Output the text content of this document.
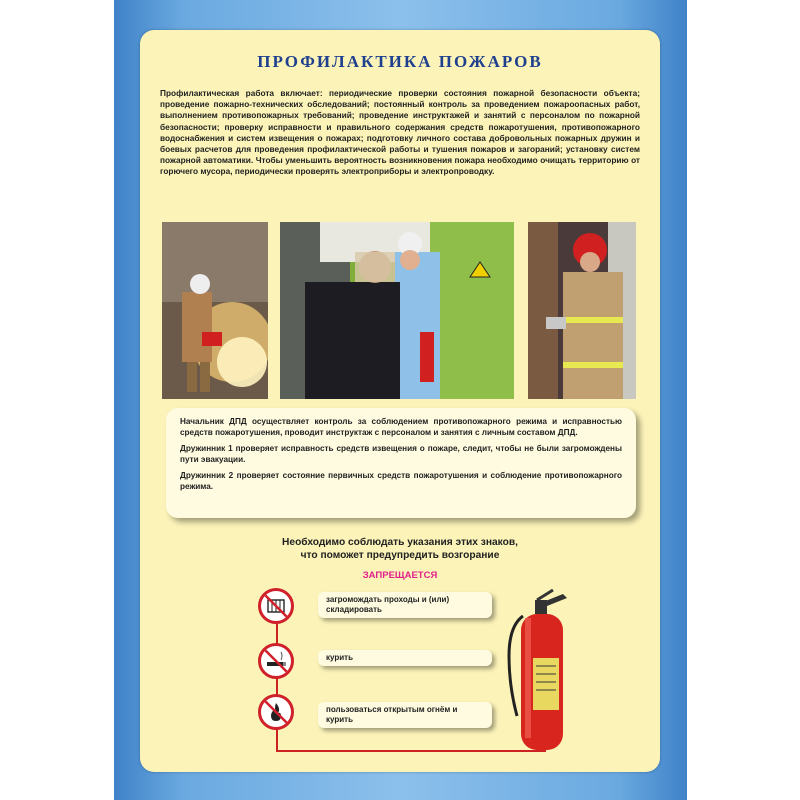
ПРОФИЛАКТИКА ПОЖАРОВ
Профилактическая работа включает: периодические проверки состояния пожарной безопасности объекта; проведение пожарно-технических обследований; постоянный контроль за проведением пожароопасных работ, выполнением противопожарных требований; проведение инструктажей и занятий с персоналом по пожарной безопасности; проверку исправности и правильного содержания средств пожаротушения, противопожарного водоснабжения и систем извещения о пожарах; подготовку личного состава добровольных пожарных дружин и боевых расчетов для проведения профилактической работы и тушения пожаров и загораний; установку систем пожарной автоматики. Чтобы уменьшить вероятность возникновения пожара необходимо очищать территорию от горючего мусора, периодически проверять электроприборы и электропроводку.

Начальник ДПД осуществляет контроль за соблюдением противопожарного режима и исправностью средств пожаротушения, проводит инструктаж с персоналом и занятия с личным составом ДПД.

Дружинник 1 проверяет исправность средств извещения о пожаре, следит, чтобы не были загромождены пути эвакуации.

Дружинник 2 проверяет состояние первичных средств пожаротушения и соблюдение противопожарного режима.

Необходимо соблюдать указания этих знаков,
что поможет предупредить возгорание
ЗАПРЕЩАЕТСЯ
загромождать проходы и (или) складировать
курить
пользоваться открытым огнём и курить
